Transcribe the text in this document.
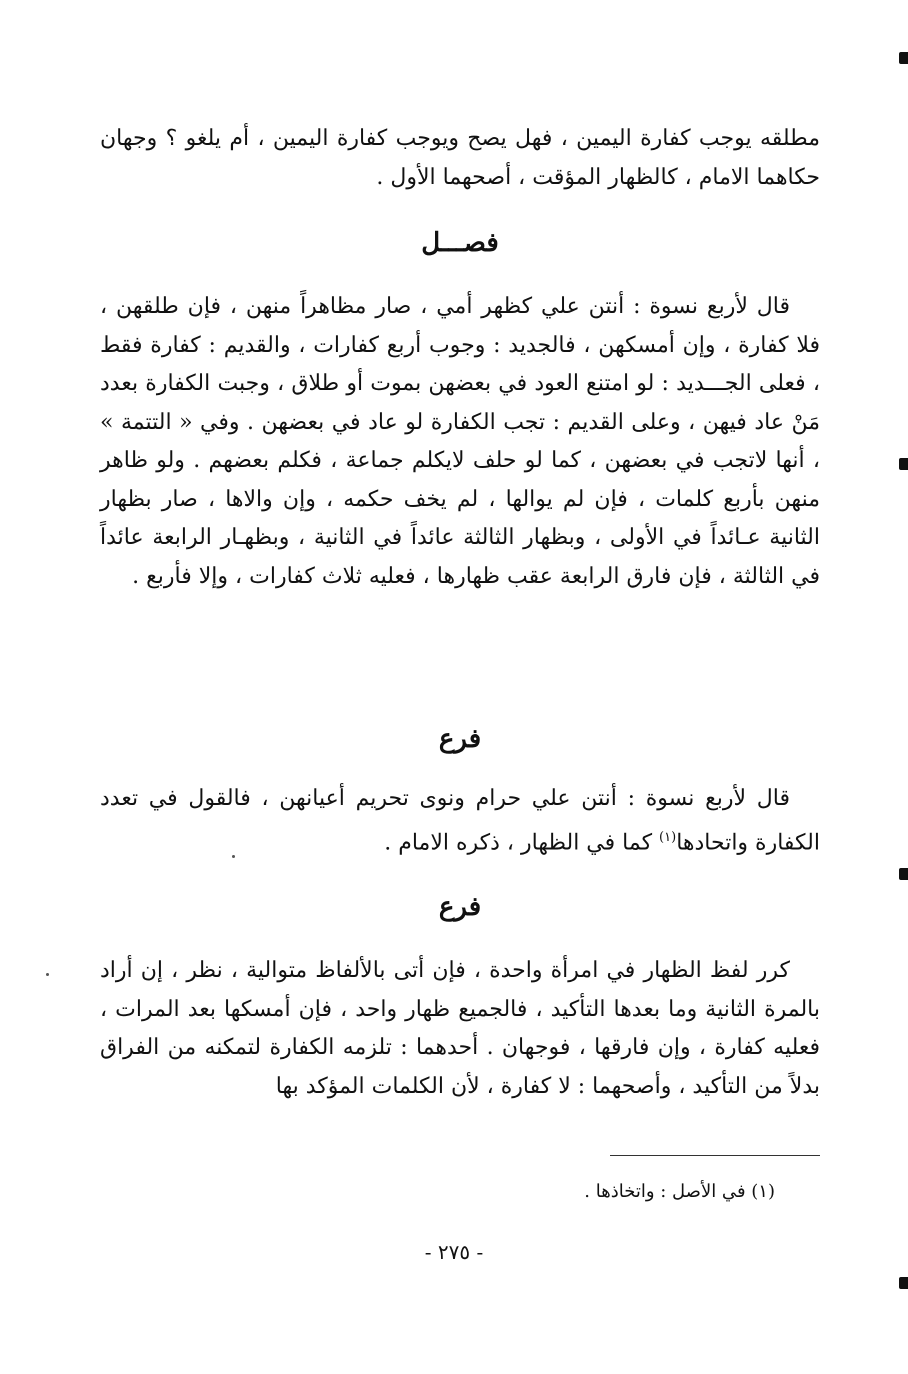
مطلقه يوجب كفارة اليمين ، فهل يصح ويوجب كفارة اليمين ، أم يلغو ؟ وجهان حكاهما الامام ، كالظهار المؤقت ، أصحهما الأول .
فصـــل
قال لأربع نسوة : أنتن علي كظهر أمي ، صار مظاهراً منهن ، فإن طلقهن ، فلا كفارة ، وإن أمسكهن ، فالجديد : وجوب أربع كفارات ، والقديم : كفارة فقط ، فعلى الجـــديد : لو امتنع العود في بعضهن بموت أو طلاق ، وجبت الكفارة بعدد مَنْ عاد فيهن ، وعلى القديم : تجب الكفارة لو عاد في بعضهن . وفي « التتمة » ، أنها لاتجب في بعضهن ، كما لو حلف لايكلم جماعة ، فكلم بعضهم . ولو ظاهر منهن بأربع كلمات ، فإن لم يوالها ، لم يخف حكمه ، وإن والاها ، صار بظهار الثانية عـائداً في الأولى ، وبظهار الثالثة عائداً في الثانية ، وبظهـار الرابعة عائداً في الثالثة ، فإن فارق الرابعة عقب ظهارها ، فعليه ثلاث كفارات ، وإلا فأربع .
فرع
قال لأربع نسوة : أنتن علي حرام ونوى تحريم أعيانهن ، فالقول في تعدد الكفارة واتحادها$^{(١)}$ كما في الظهار ، ذكره الامام .
فرع
كرر لفظ الظهار في امرأة واحدة ، فإن أتى بالألفاظ متوالية ، نظر ، إن أراد بالمرة الثانية وما بعدها التأكيد ، فالجميع ظهار واحد ، فإن أمسكها بعد المرات ، فعليه كفارة ، وإن فارقها ، فوجهان . أحدهما : تلزمه الكفارة لتمكنه من الفراق بدلاً من التأكيد ، وأصحهما : لا كفارة ، لأن الكلمات المؤكد بها
(١) في الأصل : واتخاذها .
- ٢٧٥ -
